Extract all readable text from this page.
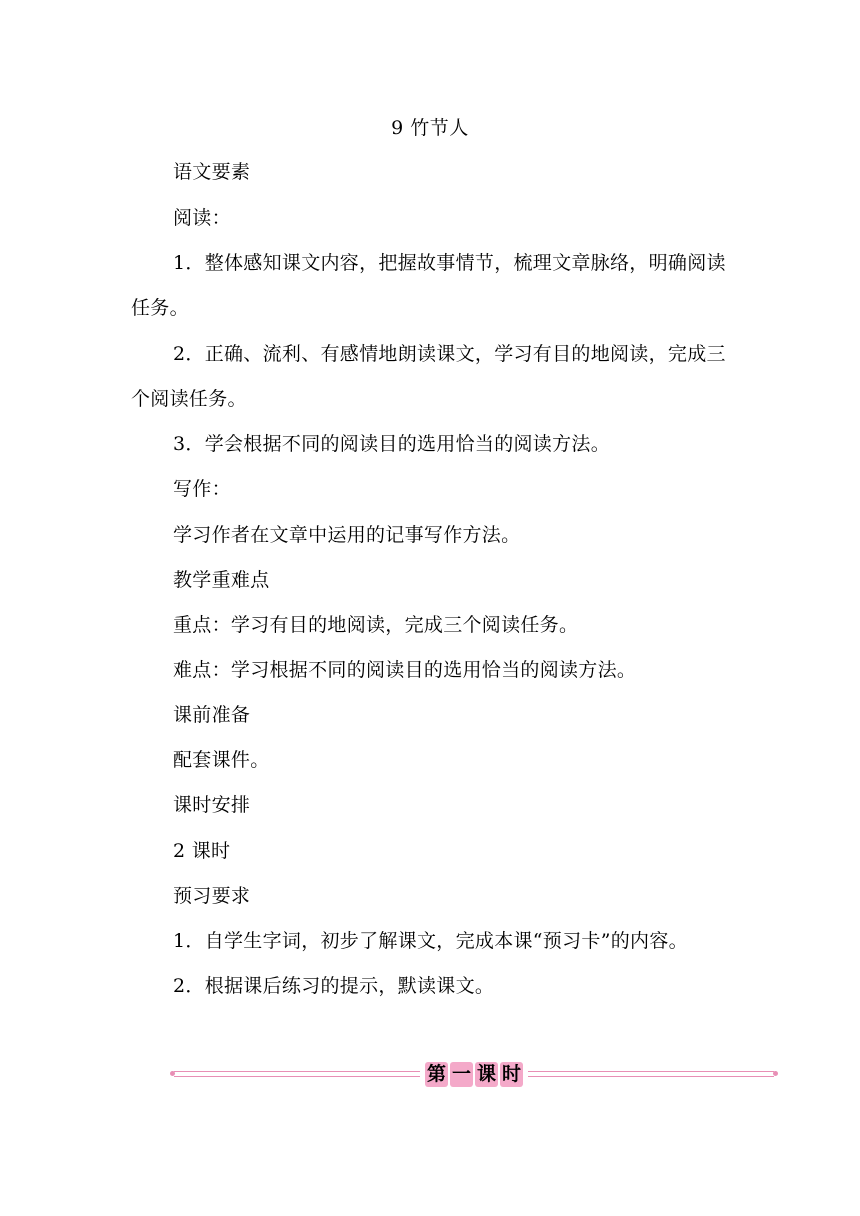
9 竹节人

语文要素

阅读：

1．整体感知课文内容，把握故事情节，梳理文章脉络，明确阅读任务。

2．正确、流利、有感情地朗读课文，学习有目的地阅读，完成三个阅读任务。

3．学会根据不同的阅读目的选用恰当的阅读方法。

写作：

学习作者在文章中运用的记事写作方法。

教学重难点

重点：学习有目的地阅读，完成三个阅读任务。

难点：学习根据不同的阅读目的选用恰当的阅读方法。

课前准备

配套课件。

课时安排

2 课时

预习要求

1．自学生字词，初步了解课文，完成本课“预习卡”的内容。

2．根据课后练习的提示，默读课文。

第 一 课 时
